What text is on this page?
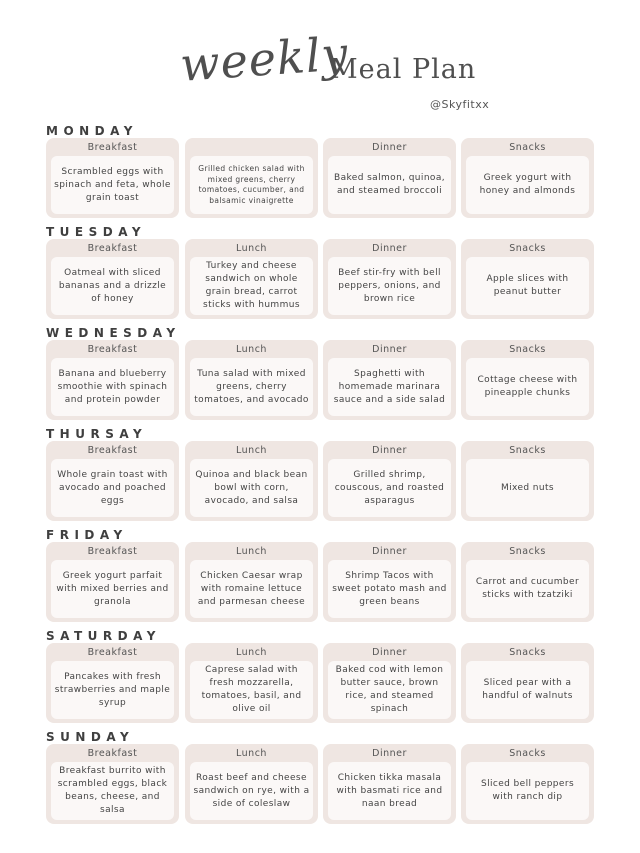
weekly
Meal Plan
@Skyfitxx
MONDAY
Breakfast
Scrambled eggs with spinach and feta, whole grain toast
Grilled chicken salad with mixed greens, cherry tomatoes, cucumber, and balsamic vinaigrette
Dinner
Baked salmon, quinoa, and steamed broccoli
Snacks
Greek yogurt with honey and almonds
TUESDAY
Breakfast
Oatmeal with sliced bananas and a drizzle of honey
Lunch
Turkey and cheese sandwich on whole grain bread, carrot sticks with hummus
Dinner
Beef stir-fry with bell peppers, onions, and brown rice
Snacks
Apple slices with peanut butter
WEDNESDAY
Breakfast
Banana and blueberry smoothie with spinach and protein powder
Lunch
Tuna salad with mixed greens, cherry tomatoes, and avocado
Dinner
Spaghetti with homemade marinara sauce and a side salad
Snacks
Cottage cheese with pineapple chunks
THURSAY
Breakfast
Whole grain toast with avocado and poached eggs
Lunch
Quinoa and black bean bowl with corn, avocado, and salsa
Dinner
Grilled shrimp, couscous, and roasted asparagus
Snacks
Mixed nuts
FRIDAY
Breakfast
Greek yogurt parfait with mixed berries and granola
Lunch
Chicken Caesar wrap with romaine lettuce and parmesan cheese
Dinner
Shrimp Tacos with sweet potato mash and green beans
Snacks
Carrot and cucumber sticks with tzatziki
SATURDAY
Breakfast
Pancakes with fresh strawberries and maple syrup
Lunch
Caprese salad with fresh mozzarella, tomatoes, basil, and olive oil
Dinner
Baked cod with lemon butter sauce, brown rice, and steamed spinach
Snacks
Sliced pear with a handful of walnuts
SUNDAY
Breakfast
Breakfast burrito with scrambled eggs, black beans, cheese, and salsa
Lunch
Roast beef and cheese sandwich on rye, with a side of coleslaw
Dinner
Chicken tikka masala with basmati rice and naan bread
Snacks
Sliced bell peppers with ranch dip
